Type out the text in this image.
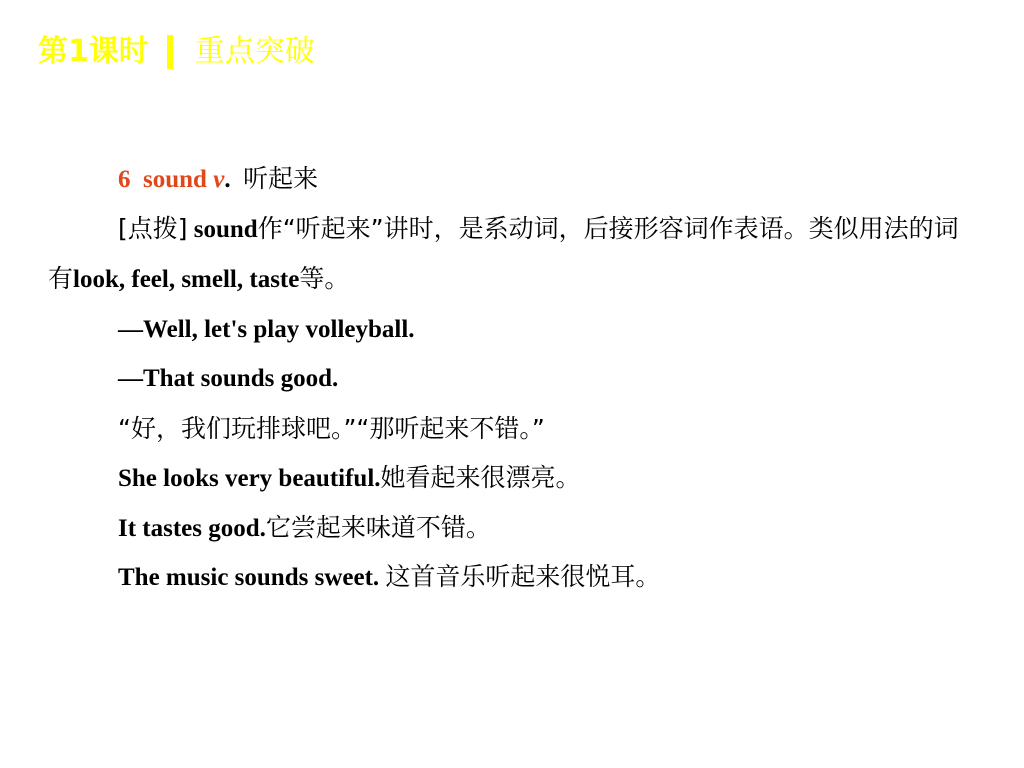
第1课时 重点突破
6 sound v. 听起来
[点拨] sound作“听起来”讲时，是系动词，后接形容词作表语。类似用法的词有look, feel, smell, taste等。
—Well, let's play volleyball.
—That sounds good.
“好，我们玩排球吧。”“那听起来不错。”
She looks very beautiful.她看起来很漂亮。
It tastes good.它尝起来味道不错。
The music sounds sweet. 这首音乐听起来很悦耳。
